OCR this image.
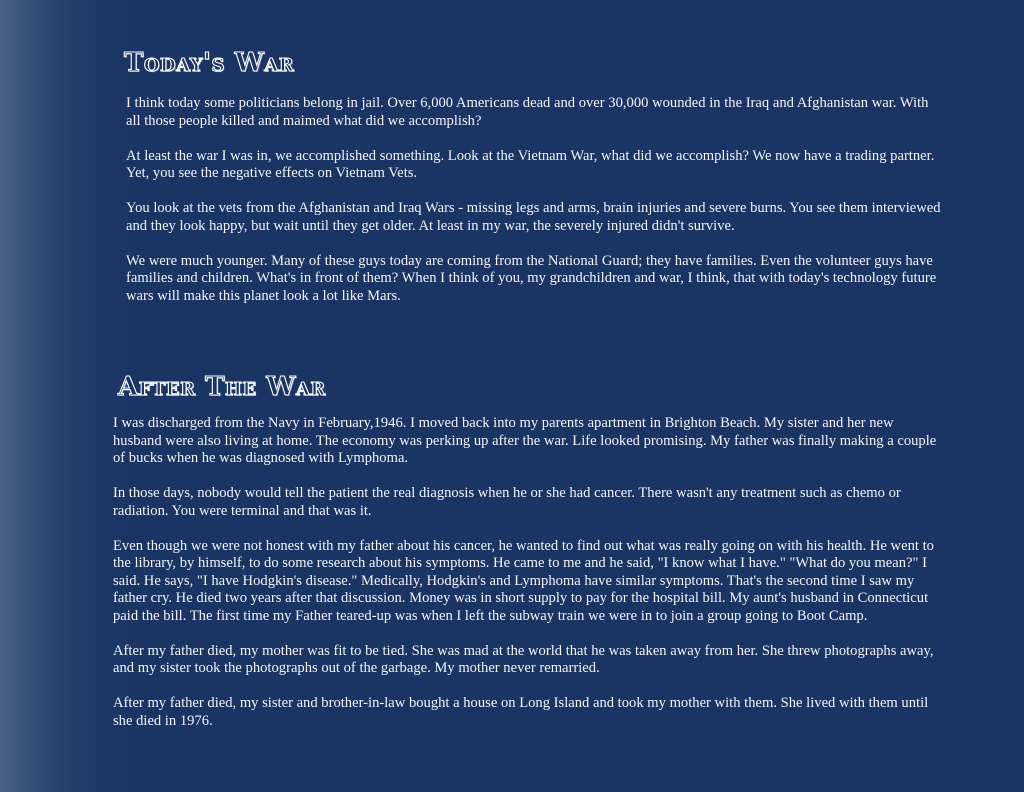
Today's War

I think today some politicians belong in jail. Over 6,000 Americans dead and over 30,000 wounded in the Iraq and Afghanistan war. With all those people killed and maimed what did we accomplish?

At least the war I was in, we accomplished something. Look at the Vietnam War, what did we accomplish? We now have a trading partner. Yet, you see the negative effects on Vietnam Vets.

You look at the vets from the Afghanistan and Iraq Wars - missing legs and arms, brain injuries and severe burns. You see them interviewed and they look happy, but wait until they get older. At least in my war, the severely injured didn't survive.

We were much younger. Many of these guys today are coming from the National Guard; they have families. Even the volunteer guys have families and children. What's in front of them? When I think of you, my grandchildren and war, I think, that with today's technology future wars will make this planet look a lot like Mars.

After The War

I was discharged from the Navy in February,1946. I moved back into my parents apartment in Brighton Beach. My sister and her new husband were also living at home. The economy was perking up after the war. Life looked promising. My father was finally making a couple of bucks when he was diagnosed with Lymphoma.

In those days, nobody would tell the patient the real diagnosis when he or she had cancer. There wasn't any treatment such as chemo or radiation. You were terminal and that was it.

Even though we were not honest with my father about his cancer, he wanted to find out what was really going on with his health. He went to the library, by himself, to do some research about his symptoms. He came to me and he said, "I know what I have." "What do you mean?" I said. He says, "I have Hodgkin's disease." Medically, Hodgkin's and Lymphoma have similar symptoms. That's the second time I saw my father cry. He died two years after that discussion. Money was in short supply to pay for the hospital bill. My aunt's husband in Connecticut paid the bill. The first time my Father teared-up was when I left the subway train we were in to join a group going to Boot Camp.

After my father died, my mother was fit to be tied. She was mad at the world that he was taken away from her. She threw photographs away, and my sister took the photographs out of the garbage. My mother never remarried.

After my father died, my sister and brother-in-law bought a house on Long Island and took my mother with them. She lived with them until she died in 1976.
